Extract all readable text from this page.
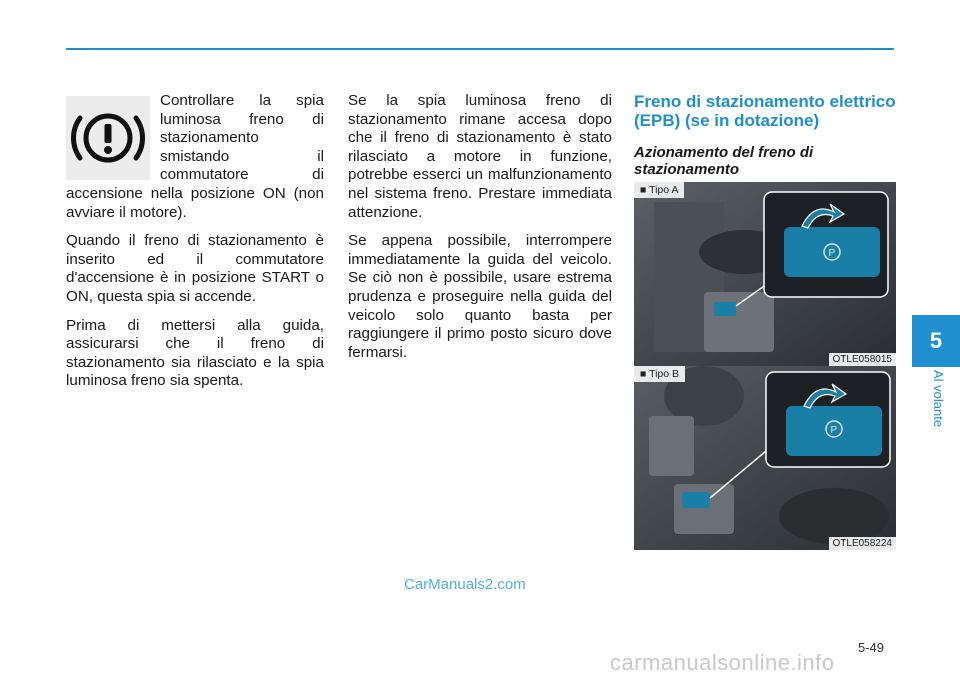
Controllare la spia luminosa freno di stazionamento smistando il commutatore di accensione nella posizione ON (non avviare il motore).

Quando il freno di stazionamento è inserito ed il commutatore d'accensione è in posizione START o ON, questa spia si accende.

Prima di mettersi alla guida, assicurarsi che il freno di stazionamento sia rilasciato e la spia luminosa freno sia spenta.

Se la spia luminosa freno di stazionamento rimane accesa dopo che il freno di stazionamento è stato rilasciato a motore in funzione, potrebbe esserci un malfunzionamento nel sistema freno. Prestare immediata attenzione.

Se appena possibile, interrompere immediatamente la guida del veicolo. Se ciò non è possibile, usare estrema prudenza e proseguire nella guida del veicolo solo quanto basta per raggiungere il primo posto sicuro dove fermarsi.

Freno di stazionamento elettrico (EPB) (se in dotazione)
Azionamento del freno di stazionamento
P
■ Tipo A
OTLE058015
P
■ Tipo B
OTLE058224
5
Al volante
CarManuals2.com
5-49
carmanualsonline.info
